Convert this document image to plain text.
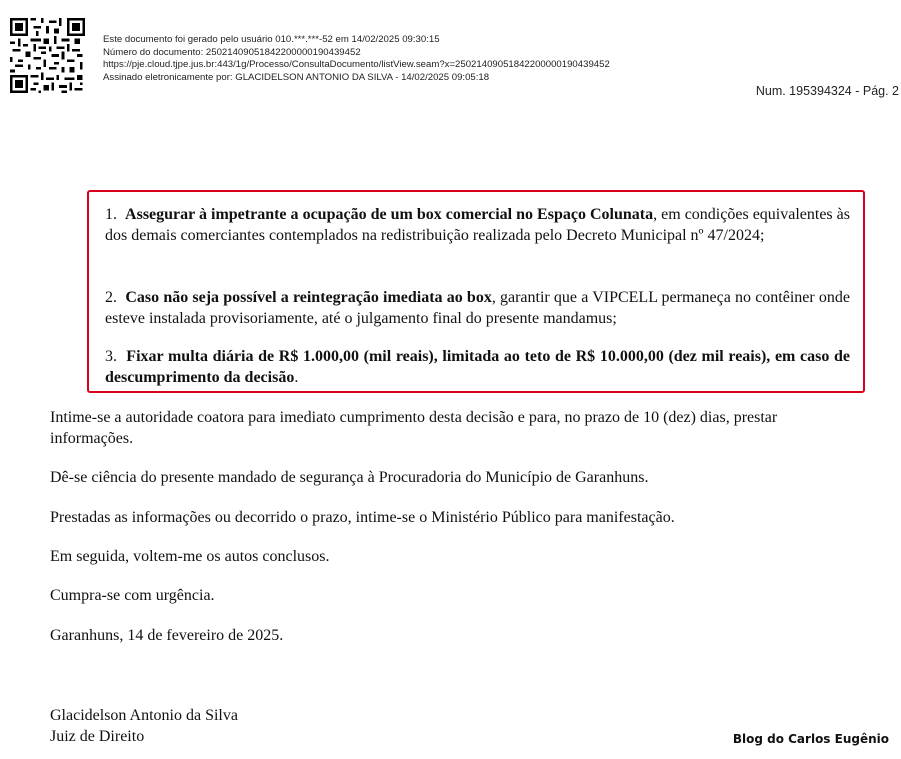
Este documento foi gerado pelo usuário 010.***.***-52 em 14/02/2025 09:30:15
Número do documento: 25021409051842200000190439452
https://pje.cloud.tjpe.jus.br:443/1g/Processo/ConsultaDocumento/listView.seam?x=25021409051842200000190439452
Assinado eletronicamente por: GLACIDELSON ANTONIO DA SILVA - 14/02/2025 09:05:18
Num. 195394324 - Pág. 2
1. Assegurar à impetrante a ocupação de um box comercial no Espaço Colunata, em condições equivalentes às dos demais comerciantes contemplados na redistribuição realizada pelo Decreto Municipal nº 47/2024;
2. Caso não seja possível a reintegração imediata ao box, garantir que a VIPCELL permaneça no contêiner onde esteve instalada provisoriamente, até o julgamento final do presente mandamus;
3. Fixar multa diária de R$ 1.000,00 (mil reais), limitada ao teto de R$ 10.000,00 (dez mil reais), em caso de descumprimento da decisão.
Intime-se a autoridade coatora para imediato cumprimento desta decisão e para, no prazo de 10 (dez) dias, prestar informações.
Dê-se ciência do presente mandado de segurança à Procuradoria do Município de Garanhuns.
Prestadas as informações ou decorrido o prazo, intime-se o Ministério Público para manifestação.
Em seguida, voltem-me os autos conclusos.
Cumpra-se com urgência.
Garanhuns, 14 de fevereiro de 2025.
Glacidelson Antonio da Silva
Juiz de Direito	Blog do Carlos Eugênio
